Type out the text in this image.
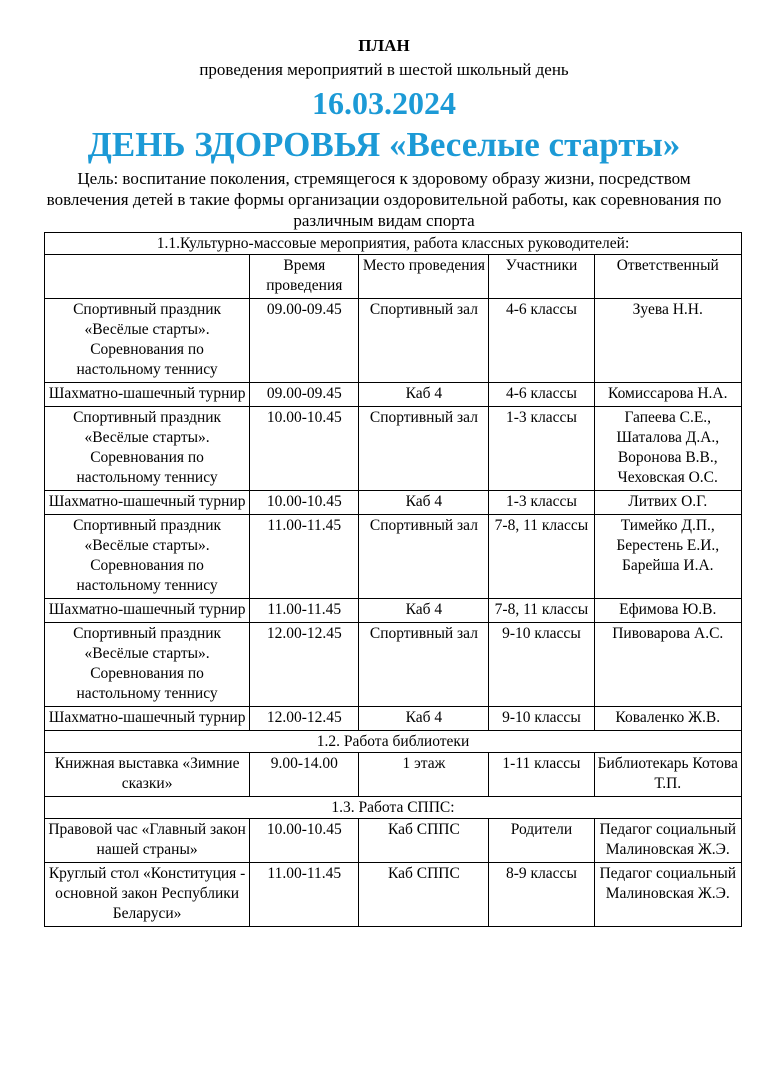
ПЛАН
проведения мероприятий в шестой школьный день
16.03.2024
ДЕНЬ ЗДОРОВЬЯ «Веселые старты»
Цель: воспитание поколения, стремящегося к здоровому образу жизни, посредством вовлечения детей в такие формы организации оздоровительной работы, как соревнования по различным видам спорта
1.1.Культурно-массовые мероприятия, работа классных руководителей:				
	Время проведения	Место проведения	Участники	Ответственный
Спортивный праздник «Весёлые старты». Соревнования по настольному теннису	09.00-09.45	Спортивный зал	4-6 классы	Зуева Н.Н.
Шахматно-шашечный турнир	09.00-09.45	Каб 4	4-6 классы	Комиссарова Н.А.
Спортивный праздник «Весёлые старты». Соревнования по настольному теннису	10.00-10.45	Спортивный зал	1-3 классы	Гапеева С.Е., Шаталова Д.А., Воронова В.В., Чеховская О.С.
Шахматно-шашечный турнир	10.00-10.45	Каб 4	1-3 классы	Литвих О.Г.
Спортивный праздник «Весёлые старты». Соревнования по настольному теннису	11.00-11.45	Спортивный зал	7-8, 11 классы	Тимейко Д.П., Берестень Е.И., Барейша И.А.
Шахматно-шашечный турнир	11.00-11.45	Каб 4	7-8, 11 классы	Ефимова Ю.В.
Спортивный праздник «Весёлые старты». Соревнования по настольному теннису	12.00-12.45	Спортивный зал	9-10 классы	Пивоварова А.С.
Шахматно-шашечный турнир	12.00-12.45	Каб 4	9-10 классы	Коваленко Ж.В.
1.2. Работа библиотеки				
Книжная выставка «Зимние сказки»	9.00-14.00	1 этаж	1-11 классы	Библиотекарь Котова Т.П.
1.3. Работа СППС:				
Правовой час «Главный закон нашей страны»	10.00-10.45	Каб СППС	Родители	Педагог социальный Малиновская Ж.Э.
Круглый стол «Конституция - основной закон Республики Беларуси»	11.00-11.45	Каб СППС	8-9 классы	Педагог социальный Малиновская Ж.Э.
